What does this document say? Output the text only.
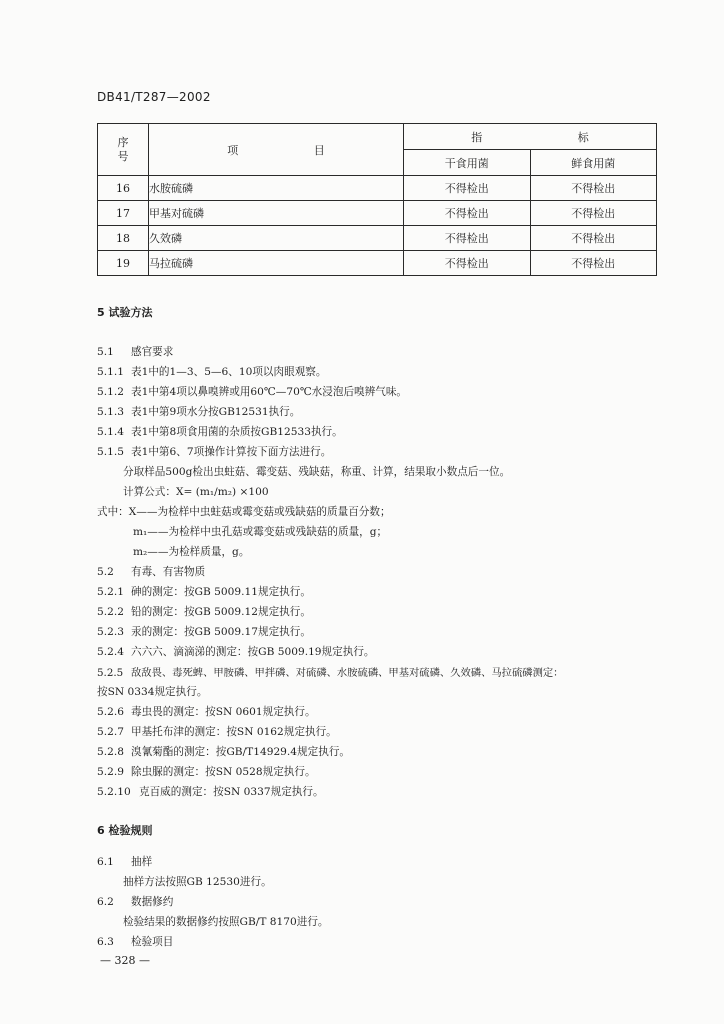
DB41/T287—2002
序号	项 目	指 标	
		干食用菌	鲜食用菌
16	水胺硫磷	不得检出	不得检出
17	甲基对硫磷	不得检出	不得检出
18	久效磷	不得检出	不得检出
19	马拉硫磷	不得检出	不得检出
5 试验方法
5.1 感官要求
5.1.1 表1中的1—3、5—6、10项以肉眼观察。
5.1.2 表1中第4项以鼻嗅辨或用60℃—70℃水浸泡后嗅辨气味。
5.1.3 表1中第9项水分按GB12531执行。
5.1.4 表1中第8项食用菌的杂质按GB12533执行。
5.1.5 表1中第6、7项操作计算按下面方法进行。
分取样品500g检出虫蛀菇、霉变菇、残缺菇，称重、计算，结果取小数点后一位。
计算公式：X= (m₁/m₂) ×100
式中：X——为检样中虫蛀菇或霉变菇或残缺菇的质量百分数；
m₁——为检样中虫孔菇或霉变菇或残缺菇的质量，g；
m₂——为检样质量，g。
5.2 有毒、有害物质
5.2.1 砷的测定：按GB 5009.11规定执行。
5.2.2 铅的测定：按GB 5009.12规定执行。
5.2.3 汞的测定：按GB 5009.17规定执行。
5.2.4 六六六、滴滴涕的测定：按GB 5009.19规定执行。
5.2.5 敌敌畏、毒死蜱、甲胺磷、甲拌磷、对硫磷、水胺硫磷、甲基对硫磷、久效磷、马拉硫磷测定：
按SN 0334规定执行。
5.2.6 毒虫畏的测定：按SN 0601规定执行。
5.2.7 甲基托布津的测定：按SN 0162规定执行。
5.2.8 溴氰菊酯的测定：按GB/T14929.4规定执行。
5.2.9 除虫脲的测定：按SN 0528规定执行。
5.2.10 克百威的测定：按SN 0337规定执行。
6 检验规则
6.1 抽样
抽样方法按照GB 12530进行。
6.2 数据修约
检验结果的数据修约按照GB/T 8170进行。
6.3 检验项目
— 328 —
